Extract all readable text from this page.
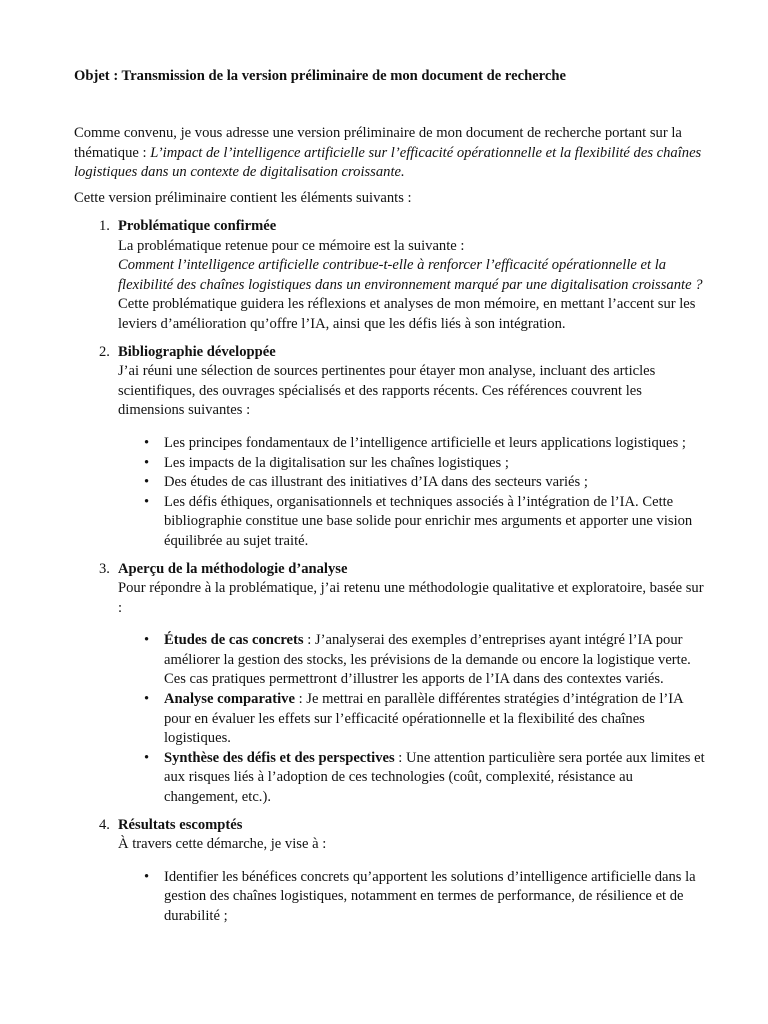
Objet : Transmission de la version préliminaire de mon document de recherche

Comme convenu, je vous adresse une version préliminaire de mon document de recherche portant sur la thématique : L’impact de l’intelligence artificielle sur l’efficacité opérationnelle et la flexibilité des chaînes logistiques dans un contexte de digitalisation croissante.

Cette version préliminaire contient les éléments suivants :

1. Problématique confirmée

La problématique retenue pour ce mémoire est la suivante :

Comment l’intelligence artificielle contribue-t-elle à renforcer l’efficacité opérationnelle et la flexibilité des chaînes logistiques dans un environnement marqué par une digitalisation croissante ?

Cette problématique guidera les réflexions et analyses de mon mémoire, en mettant l’accent sur les leviers d’amélioration qu’offre l’IA, ainsi que les défis liés à son intégration.

2. Bibliographie développée

J’ai réuni une sélection de sources pertinentes pour étayer mon analyse, incluant des articles scientifiques, des ouvrages spécialisés et des rapports récents. Ces références couvrent les dimensions suivantes :

• Les principes fondamentaux de l’intelligence artificielle et leurs applications logistiques ;
• Les impacts de la digitalisation sur les chaînes logistiques ;
• Des études de cas illustrant des initiatives d’IA dans des secteurs variés ;
• Les défis éthiques, organisationnels et techniques associés à l’intégration de l’IA. Cette bibliographie constitue une base solide pour enrichir mes arguments et apporter une vision équilibrée au sujet traité.
3. Aperçu de la méthodologie d’analyse

Pour répondre à la problématique, j’ai retenu une méthodologie qualitative et exploratoire, basée sur :

• Études de cas concrets : J’analyserai des exemples d’entreprises ayant intégré l’IA pour améliorer la gestion des stocks, les prévisions de la demande ou encore la logistique verte. Ces cas pratiques permettront d’illustrer les apports de l’IA dans des contextes variés.
• Analyse comparative : Je mettrai en parallèle différentes stratégies d’intégration de l’IA pour en évaluer les effets sur l’efficacité opérationnelle et la flexibilité des chaînes logistiques.
• Synthèse des défis et des perspectives : Une attention particulière sera portée aux limites et aux risques liés à l’adoption de ces technologies (coût, complexité, résistance au changement, etc.).
4. Résultats escomptés

À travers cette démarche, je vise à :

• Identifier les bénéfices concrets qu’apportent les solutions d’intelligence artificielle dans la gestion des chaînes logistiques, notamment en termes de performance, de résilience et de durabilité ;
